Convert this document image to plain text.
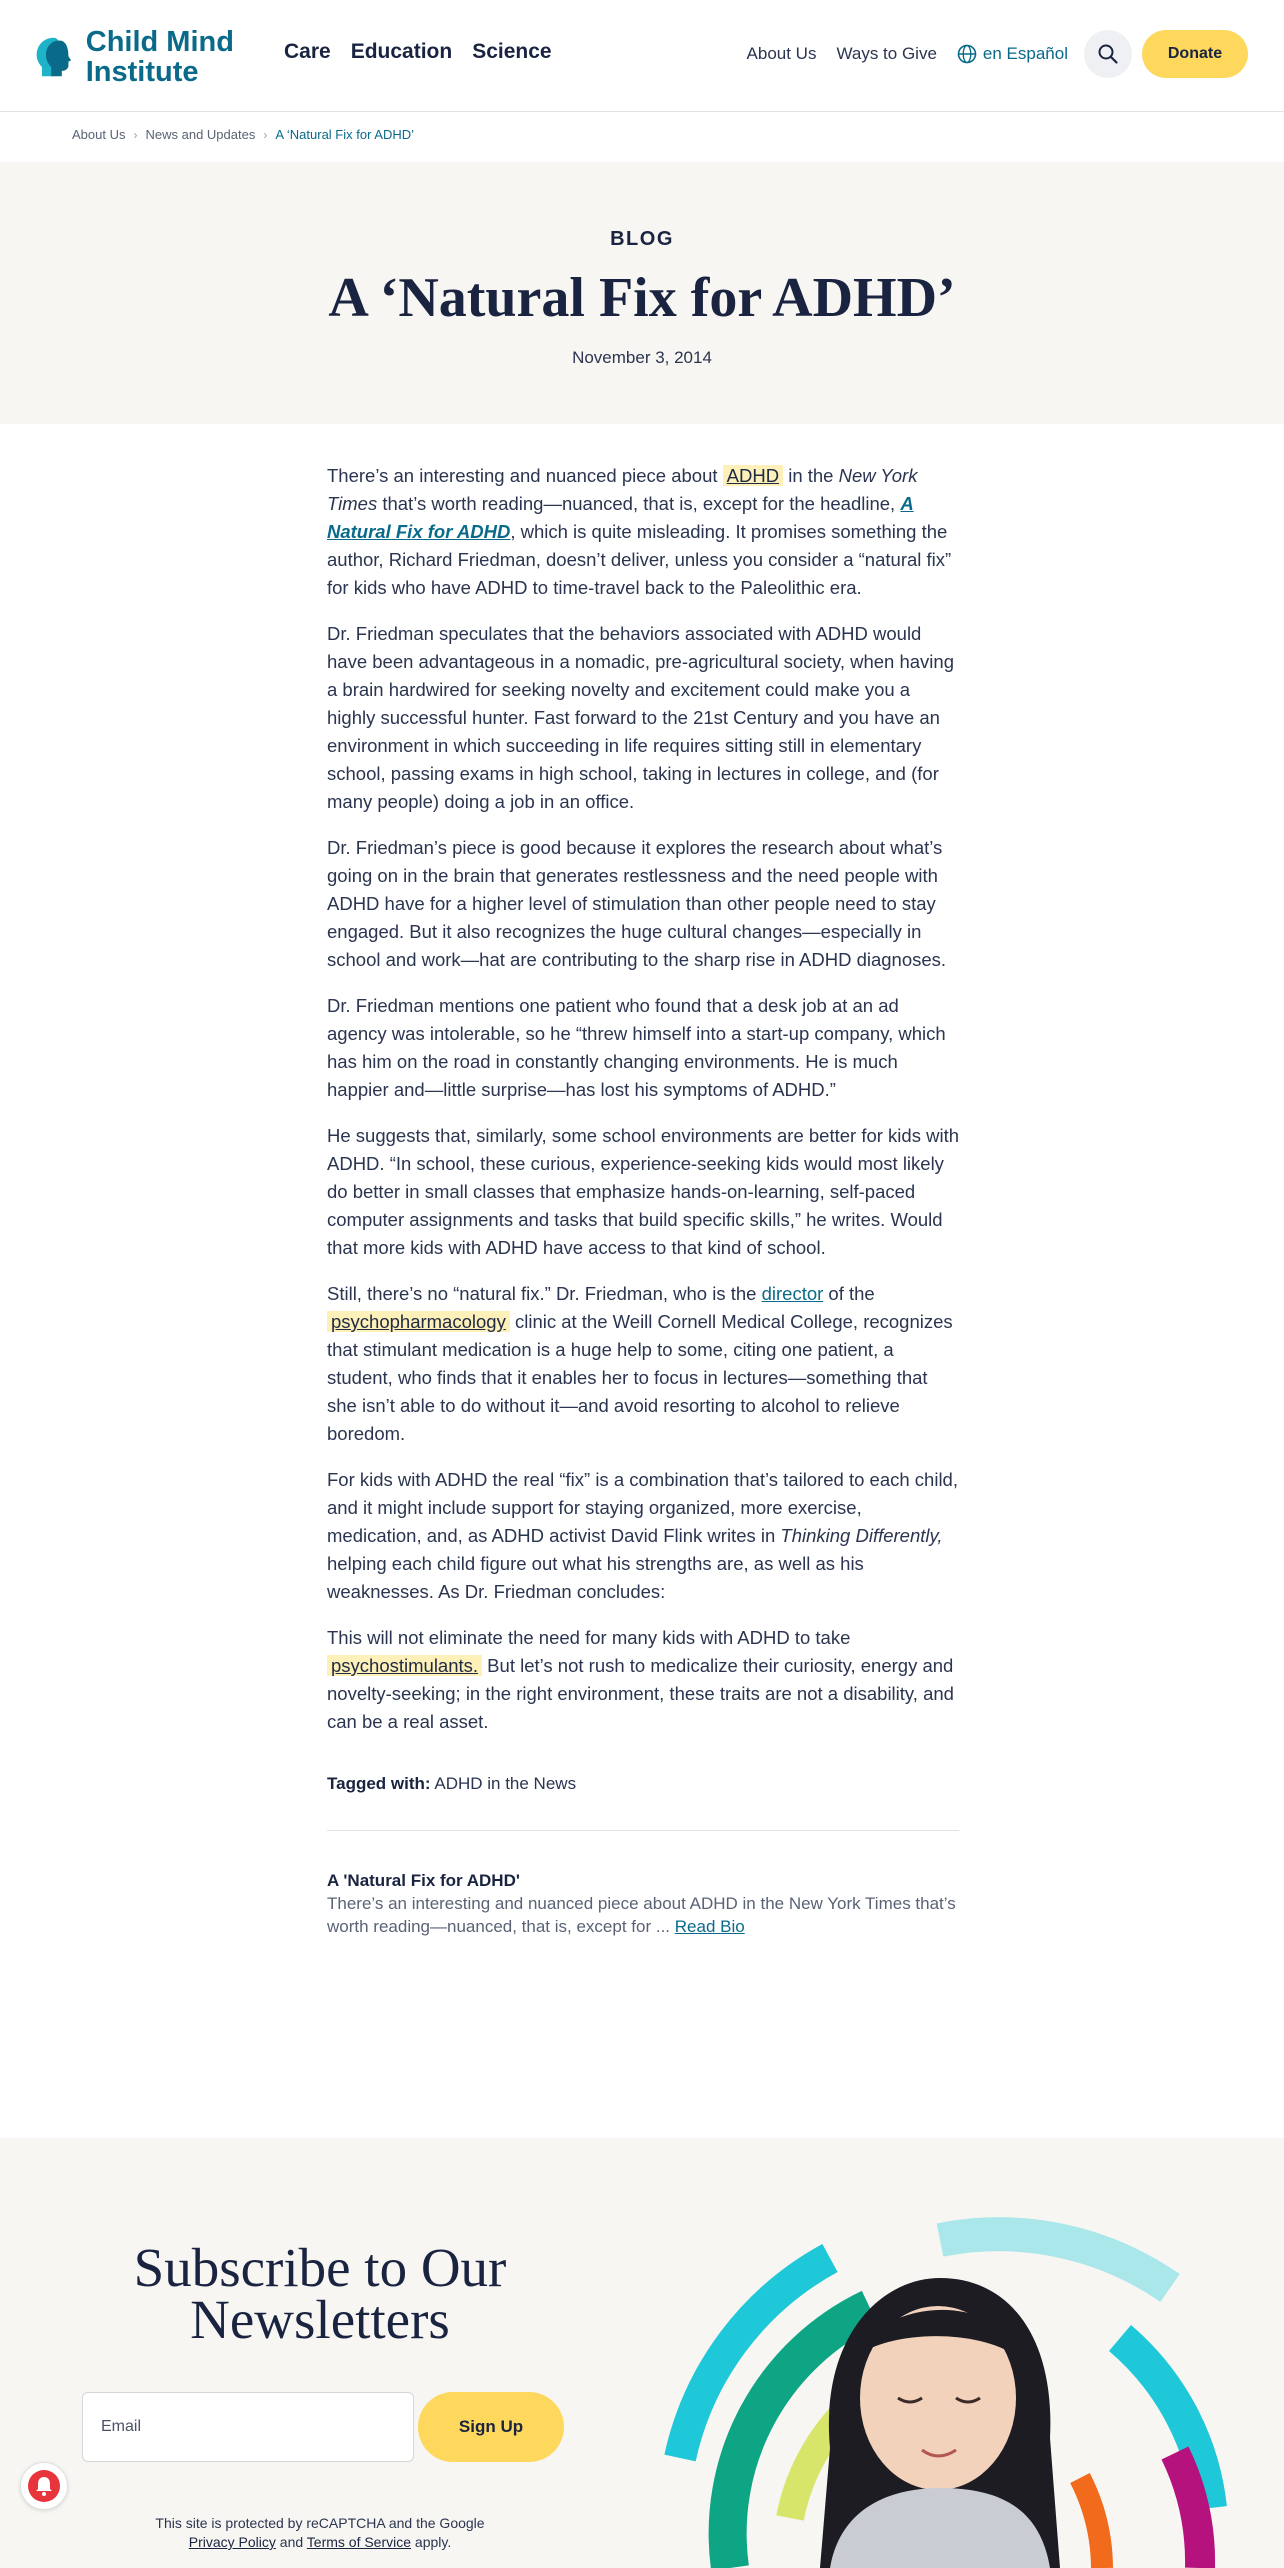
Child Mind Institute
Care Education Science	About Us Ways to Give	en Español	Donate
About Us › News and Updates › A ‘Natural Fix for ADHD’
BLOG
A ‘Natural Fix for ADHD’
November 3, 2014

There’s an interesting and nuanced piece about ADHD in the New York Times that’s worth reading—nuanced, that is, except for the headline, A Natural Fix for ADHD, which is quite misleading. It promises something the author, Richard Friedman, doesn’t deliver, unless you consider a “natural fix” for kids who have ADHD to time-travel back to the Paleolithic era.

Dr. Friedman speculates that the behaviors associated with ADHD would have been advantageous in a nomadic, pre-agricultural society, when having a brain hardwired for seeking novelty and excitement could make you a highly successful hunter. Fast forward to the 21st Century and you have an environment in which succeeding in life requires sitting still in elementary school, passing exams in high school, taking in lectures in college, and (for many people) doing a job in an office.

Dr. Friedman’s piece is good because it explores the research about what’s going on in the brain that generates restlessness and the need people with ADHD have for a higher level of stimulation than other people need to stay engaged. But it also recognizes the huge cultural changes—especially in school and work—hat are contributing to the sharp rise in ADHD diagnoses.

Dr. Friedman mentions one patient who found that a desk job at an ad agency was intolerable, so he “threw himself into a start-up company, which has him on the road in constantly changing environments. He is much happier and—little surprise—has lost his symptoms of ADHD.”

He suggests that, similarly, some school environments are better for kids with ADHD. “In school, these curious, experience-seeking kids would most likely do better in small classes that emphasize hands-on-learning, self-paced computer assignments and tasks that build specific skills,” he writes. Would that more kids with ADHD have access to that kind of school.

Still, there’s no “natural fix.” Dr. Friedman, who is the director of the psychopharmacology clinic at the Weill Cornell Medical College, recognizes that stimulant medication is a huge help to some, citing one patient, a student, who finds that it enables her to focus in lectures—something that she isn’t able to do without it—and avoid resorting to alcohol to relieve boredom.

For kids with ADHD the real “fix” is a combination that’s tailored to each child, and it might include support for staying organized, more exercise, medication, and, as ADHD activist David Flink writes in Thinking Differently, helping each child figure out what his strengths are, as well as his weaknesses. As Dr. Friedman concludes:

This will not eliminate the need for many kids with ADHD to take psychostimulants. But let’s not rush to medicalize their curiosity, energy and novelty-seeking; in the right environment, these traits are not a disability, and can be a real asset.

Tagged with: ADHD in the News
A 'Natural Fix for ADHD'
There’s an interesting and nuanced piece about ADHD in the New York Times that’s worth reading—nuanced, that is, except for ... Read Bio
Subscribe to Our Newsletters
Email
Sign Up
This site is protected by reCAPTCHA and the Google
Privacy Policy and Terms of Service apply.
